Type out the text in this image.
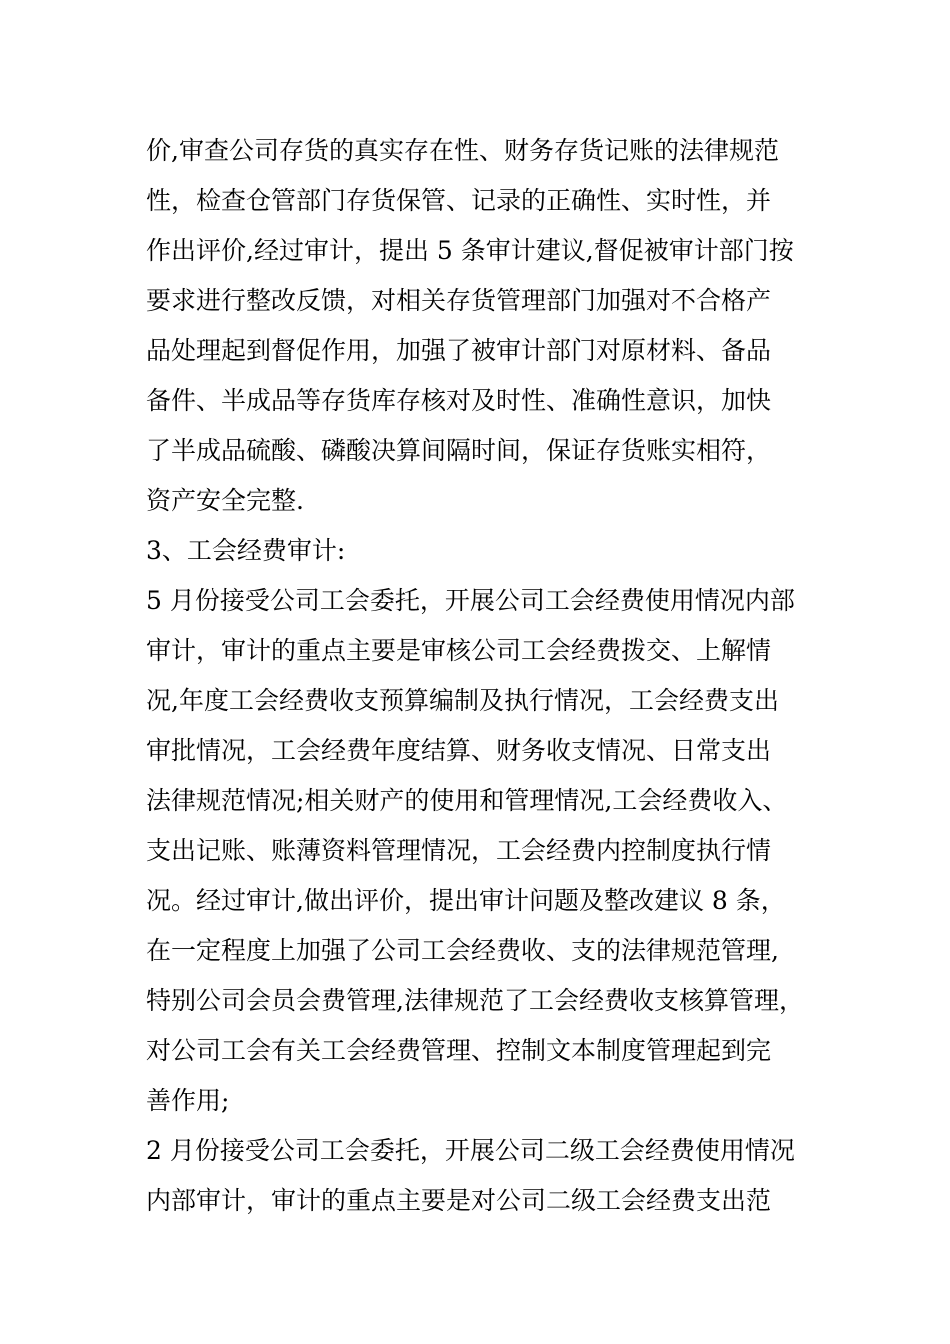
价,审查公司存货的真实存在性、财务存货记账的法律规范
性，检查仓管部门存货保管、记录的正确性、实时性，并
作出评价,经过审计，提出 5 条审计建议,督促被审计部门按
要求进行整改反馈，对相关存货管理部门加强对不合格产
品处理起到督促作用，加强了被审计部门对原材料、备品
备件、半成品等存货库存核对及时性、准确性意识，加快
了半成品硫酸、磷酸决算间隔时间，保证存货账实相符，
资产安全完整.
3、工会经费审计:
5 月份接受公司工会委托，开展公司工会经费使用情况内部
审计，审计的重点主要是审核公司工会经费拨交、上解情
况,年度工会经费收支预算编制及执行情况，工会经费支出
审批情况，工会经费年度结算、财务收支情况、日常支出
法律规范情况;相关财产的使用和管理情况,工会经费收入、
支出记账、账薄资料管理情况，工会经费内控制度执行情
况。经过审计,做出评价，提出审计问题及整改建议 8 条，
在一定程度上加强了公司工会经费收、支的法律规范管理,
特别公司会员会费管理,法律规范了工会经费收支核算管理，
对公司工会有关工会经费管理、控制文本制度管理起到完
善作用;
2 月份接受公司工会委托，开展公司二级工会经费使用情况
内部审计，审计的重点主要是对公司二级工会经费支出范
